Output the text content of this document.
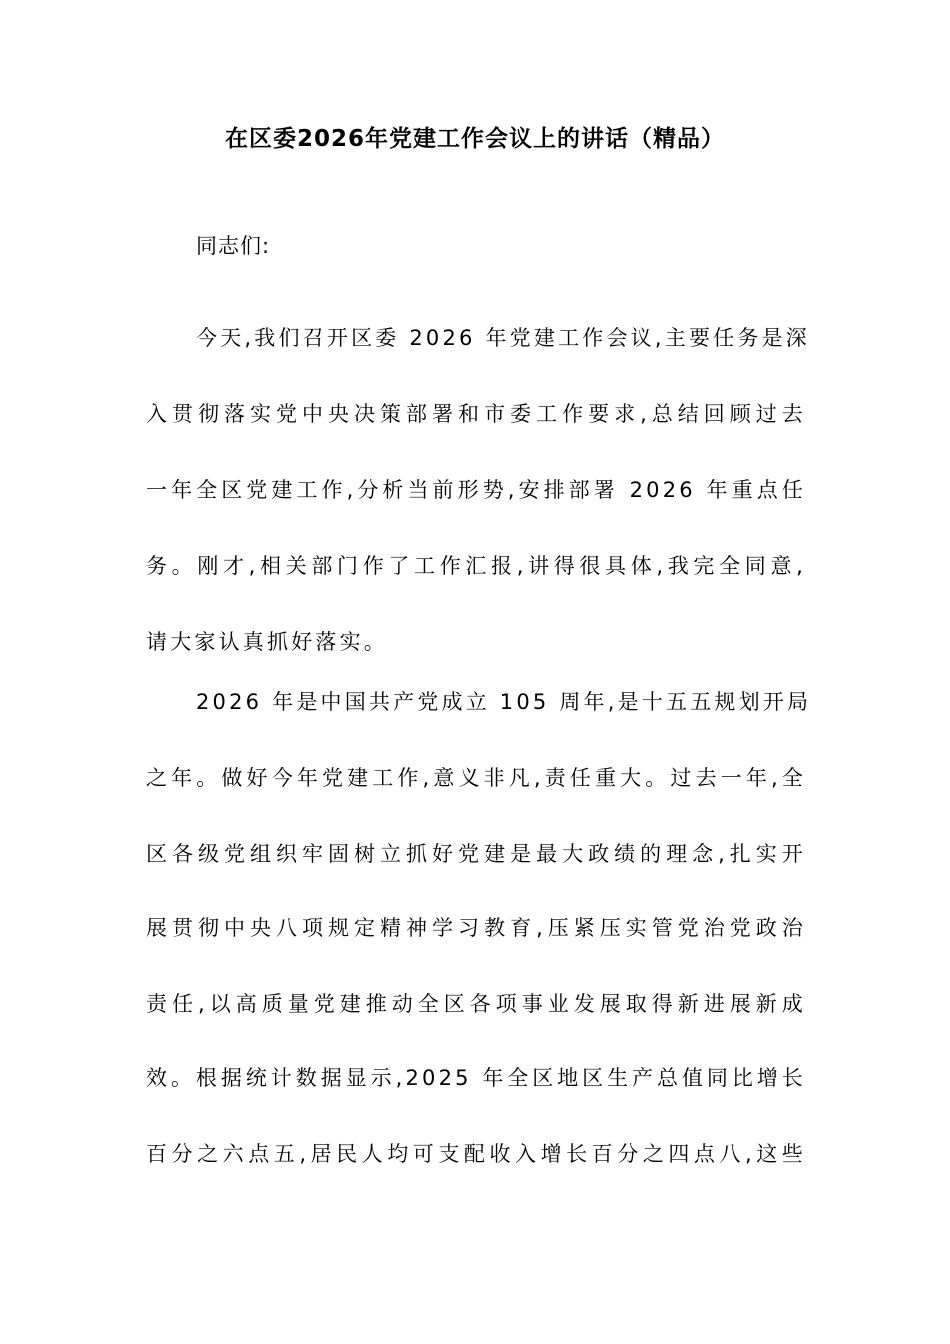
在区委2026年党建工作会议上的讲话（精品）
同志们:
今天,我们召开区委 2026 年党建工作会议,主要任务是深
入贯彻落实党中央决策部署和市委工作要求,总结回顾过去
一年全区党建工作,分析当前形势,安排部署 2026 年重点任
务。刚才,相关部门作了工作汇报,讲得很具体,我完全同意,
请大家认真抓好落实。
2026 年是中国共产党成立 105 周年,是十五五规划开局
之年。做好今年党建工作,意义非凡,责任重大。过去一年,全
区各级党组织牢固树立抓好党建是最大政绩的理念,扎实开
展贯彻中央八项规定精神学习教育,压紧压实管党治党政治
责任,以高质量党建推动全区各项事业发展取得新进展新成
效。根据统计数据显示,2025 年全区地区生产总值同比增长
百分之六点五,居民人均可支配收入增长百分之四点八,这些
